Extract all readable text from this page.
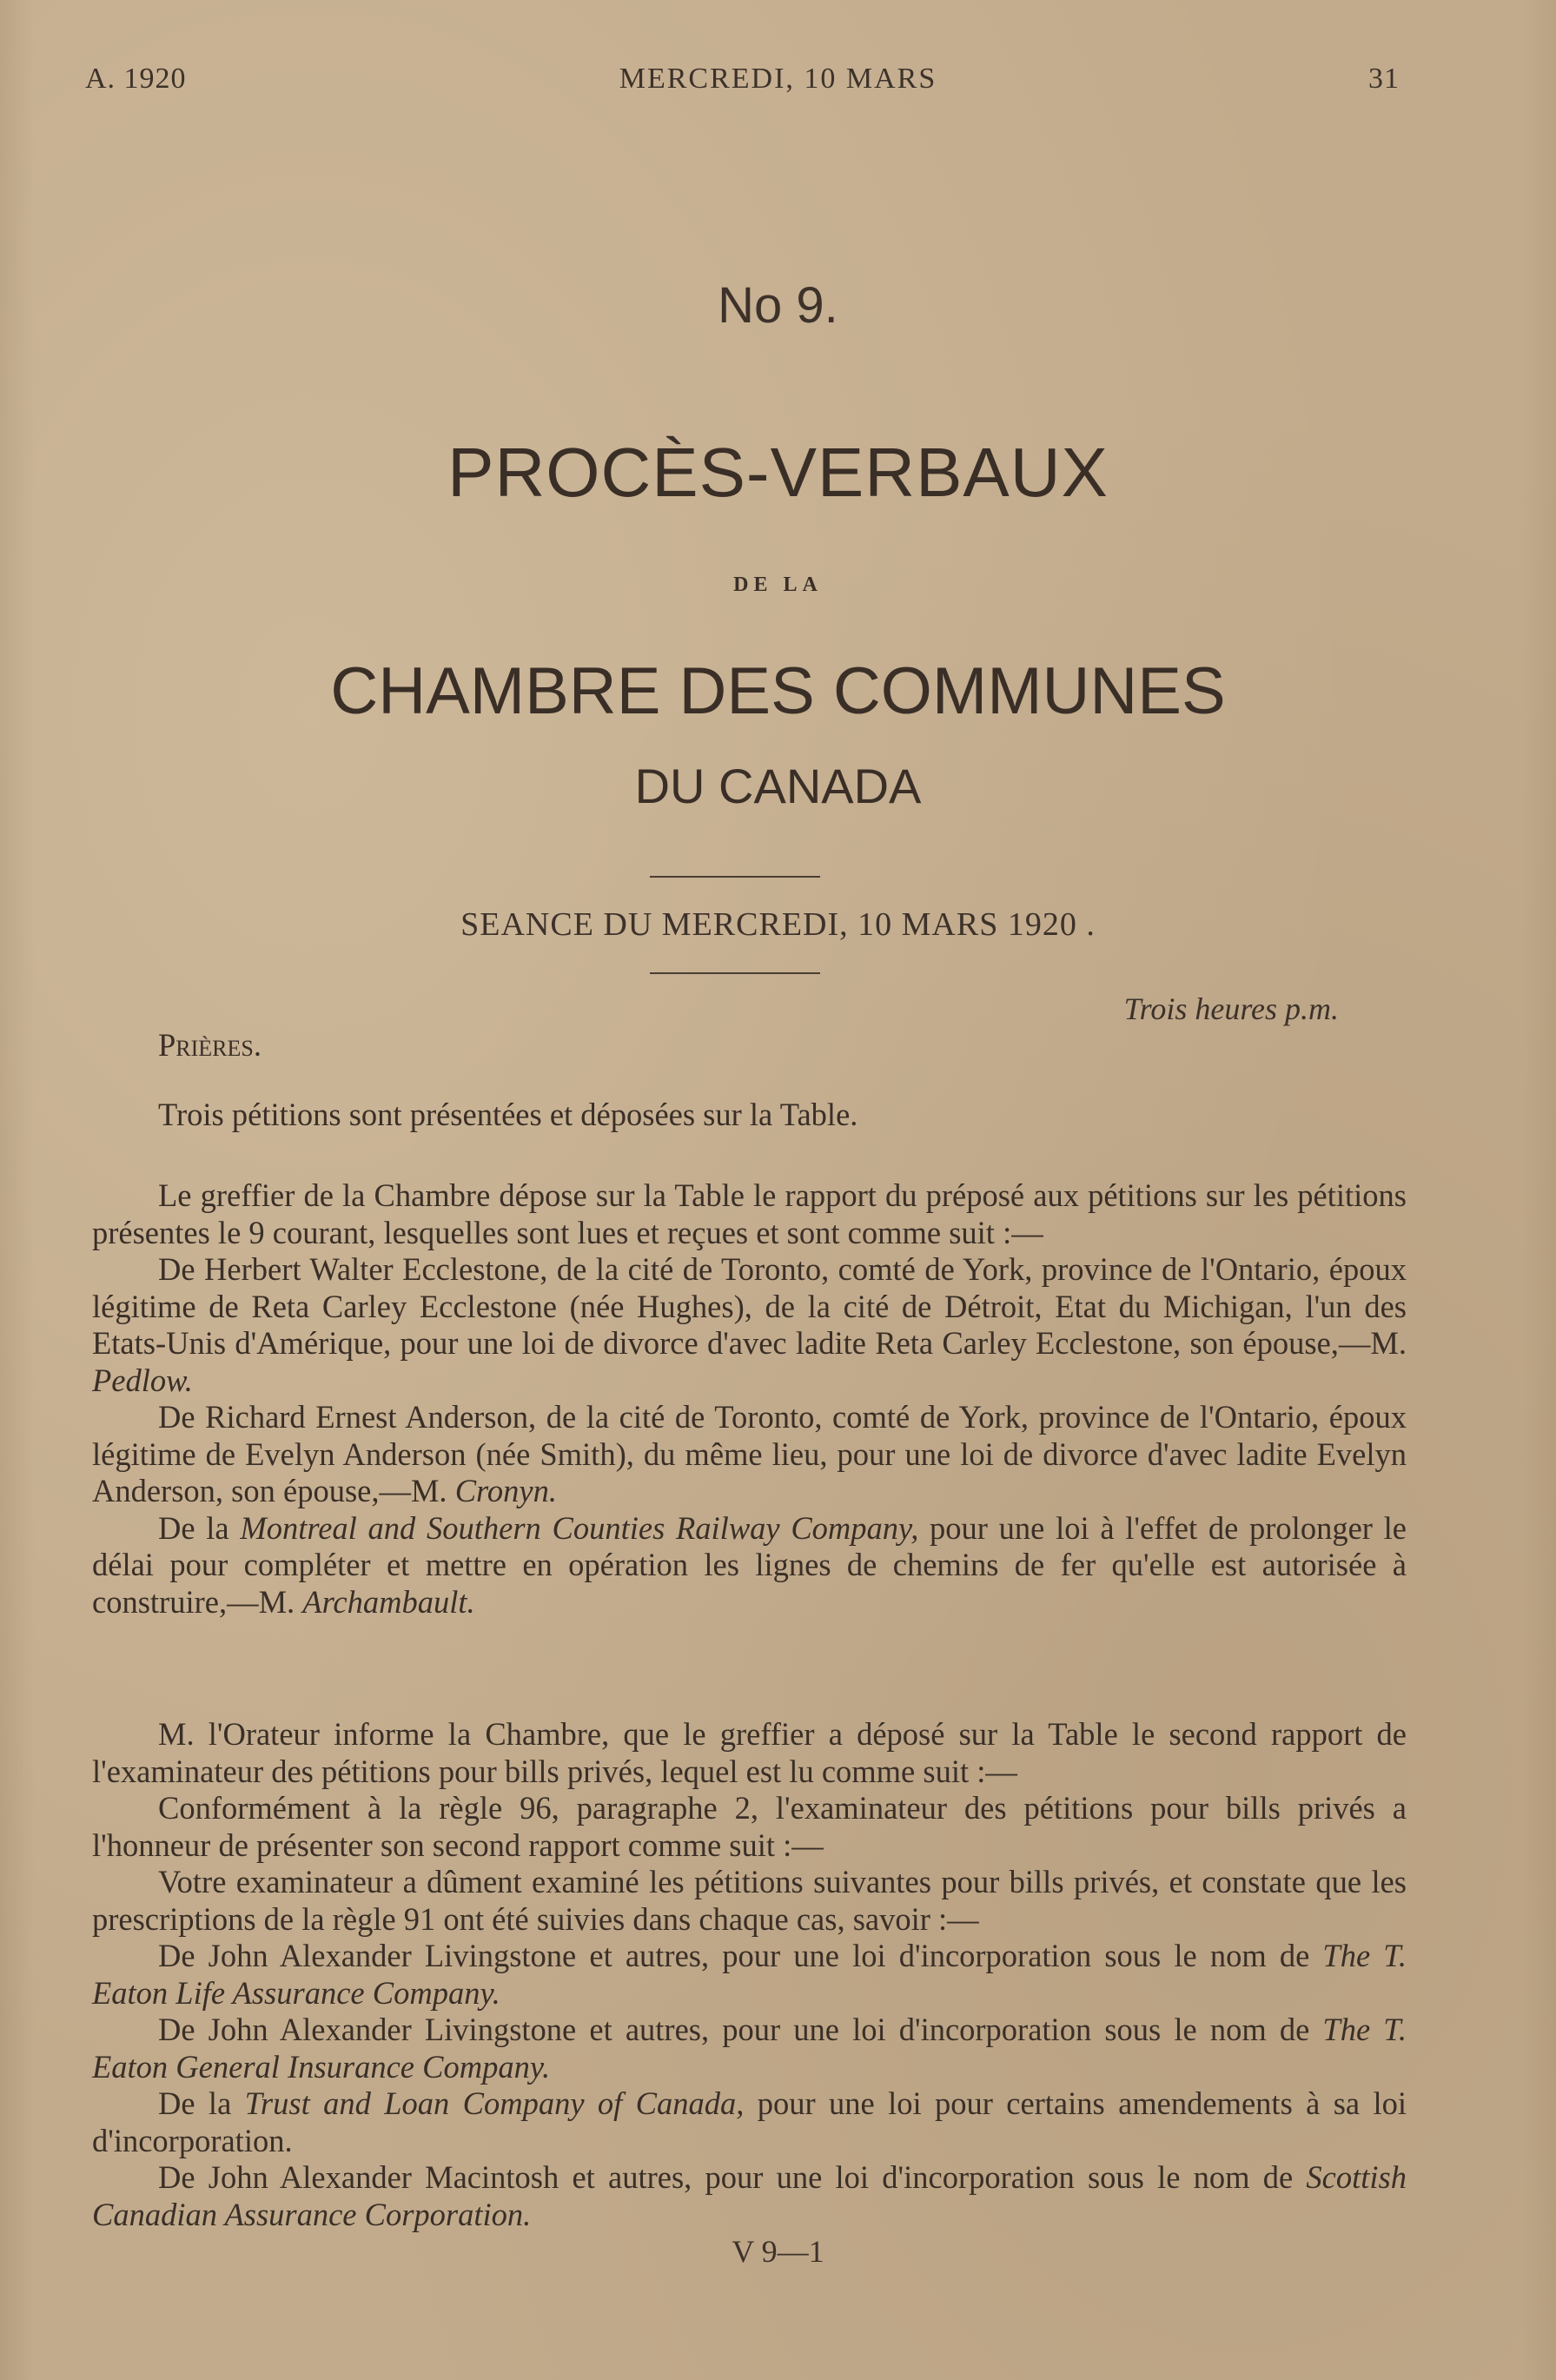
A. 1920	MERCREDI, 10 MARS	31
No 9.
PROCÈS-VERBAUX
DE LA
CHAMBRE DES COMMUNES
DU CANADA
SEANCE DU MERCREDI, 10 MARS 1920 .
Trois heures p.m.

Prières.

Trois pétitions sont présentées et déposées sur la Table.

Le greffier de la Chambre dépose sur la Table le rapport du préposé aux pétitions sur les pétitions présentes le 9 courant, lesquelles sont lues et reçues et sont comme suit :—

De Herbert Walter Ecclestone, de la cité de Toronto, comté de York, province de l'Ontario, époux légitime de Reta Carley Ecclestone (née Hughes), de la cité de Détroit, Etat du Michigan, l'un des Etats-Unis d'Amérique, pour une loi de divorce d'avec ladite Reta Carley Ecclestone, son épouse,—M. Pedlow.

De Richard Ernest Anderson, de la cité de Toronto, comté de York, province de l'Ontario, époux légitime de Evelyn Anderson (née Smith), du même lieu, pour une loi de divorce d'avec ladite Evelyn Anderson, son épouse,—M. Cronyn.

De la Montreal and Southern Counties Railway Company, pour une loi à l'effet de prolonger le délai pour compléter et mettre en opération les lignes de chemins de fer qu'elle est autorisée à construire,—M. Archambault.

M. l'Orateur informe la Chambre, que le greffier a déposé sur la Table le second rapport de l'examinateur des pétitions pour bills privés, lequel est lu comme suit :—

Conformément à la règle 96, paragraphe 2, l'examinateur des pétitions pour bills privés a l'honneur de présenter son second rapport comme suit :—

Votre examinateur a dûment examiné les pétitions suivantes pour bills privés, et constate que les prescriptions de la règle 91 ont été suivies dans chaque cas, savoir :—

De John Alexander Livingstone et autres, pour une loi d'incorporation sous le nom de The T. Eaton Life Assurance Company.

De John Alexander Livingstone et autres, pour une loi d'incorporation sous le nom de The T. Eaton General Insurance Company.

De la Trust and Loan Company of Canada, pour une loi pour certains amendements à sa loi d'incorporation.

De John Alexander Macintosh et autres, pour une loi d'incorporation sous le nom de Scottish Canadian Assurance Corporation.

V 9—1
